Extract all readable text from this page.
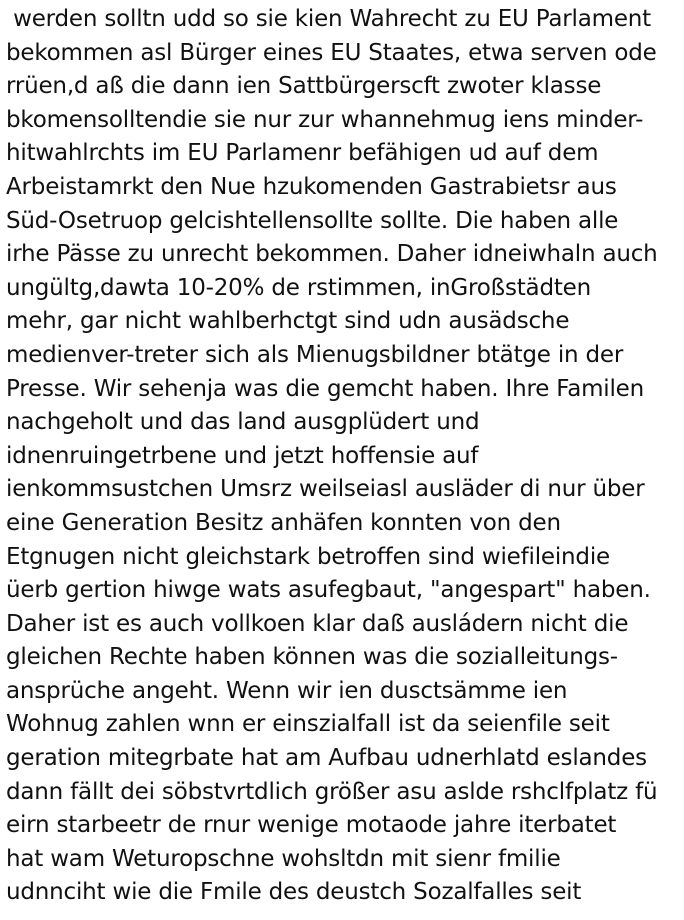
werden solltn udd so sie kien Wahrecht zu EU Parlament
bekommen asl Bürger eines EU Staates, etwa serven ode
rrüen,d aß die dann ien Sattbürgerscft zwoter klasse
bkomensolltendie sie nur zur whannehmug iens minder-
hitwahlrchts im EU Parlamenr befähigen ud auf dem
Arbeistamrkt den Nue hzukomenden Gastrabietsr aus
Süd-Osetruop gelcishtellensollte sollte. Die haben alle
irhe Pässe zu unrecht bekommen. Daher idneiwhaln auch
ungültg,dawta 10-20% de rstimmen, inGroßstädten
mehr, gar nicht wahlberhctgt sind udn ausädsche
medienver-treter sich als Mienugsbildner btätge in der
Presse. Wir sehenja was die gemcht haben. Ihre Familen
nachgeholt und das land ausgplüdert und
idnenruingetrbene und jetzt hoffensie auf
ienkommsustchen Umsrz weilseiasl ausläder di nur über
eine Generation Besitz anhäfen konnten von den
Etgnugen nicht gleichstark betroffen sind wiefileindie
üerb gertion hiwge wats asufegbaut, "angespart" haben.
Daher ist es auch vollkoen klar daß ausládern nicht die
gleichen Rechte haben können was die sozialleitungs-
ansprüche angeht. Wenn wir ien dusctsämme ien
Wohnug zahlen wnn er einszialfall ist da seienfile seit
geration mitegrbate hat am Aufbau udnerhlatd eslandes
dann fällt dei söbstvrtdlich größer asu aslde rshclfplatz fü
eirn starbeetr de rnur wenige motaode jahre iterbatet
hat wam Weturopschne wohsltdn mit sienr fmilie
udnnciht wie die Fmile des deustch Sozalfalles seit
